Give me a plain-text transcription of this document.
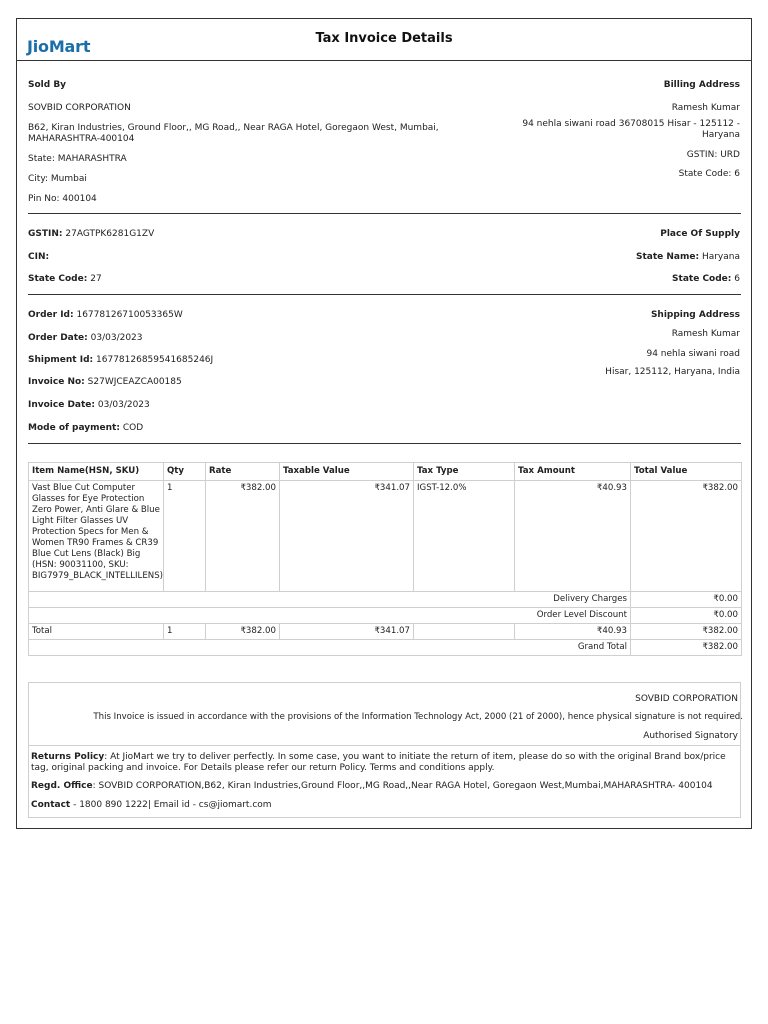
JioMart	Tax Invoice Details
Sold By
SOVBID CORPORATION
B62, Kiran Industries, Ground Floor,, MG Road,, Near RAGA Hotel, Goregaon West, Mumbai, MAHARASHTRA-400104
State: MAHARASHTRA
City: Mumbai
Pin No: 400104
Billing Address
Ramesh Kumar
94 nehla siwani road 36708015 Hisar - 125112 - Haryana
GSTIN: URD
State Code: 6
GSTIN: 27AGTPK6281G1ZV
CIN:
State Code: 27
Place Of Supply
State Name: Haryana
State Code: 6
Order Id: 16778126710053365W
Order Date: 03/03/2023
Shipment Id: 16778126859541685246J
Invoice No: S27WJCEAZCA00185
Invoice Date: 03/03/2023
Mode of payment: COD
Shipping Address
Ramesh Kumar
94 nehla siwani road
Hisar, 125112, Haryana, India
Item Name(HSN, SKU)	Qty	Rate	Taxable Value	Tax Type	Tax Amount	Total Value
Vast Blue Cut Computer Glasses for Eye Protection Zero Power, Anti Glare & Blue Light Filter Glasses UV Protection Specs for Men & Women TR90 Frames & CR39 Blue Cut Lens (Black) Big (HSN: 90031100, SKU: BIG7979_BLACK_INTELLILENS)	1	₹382.00	₹341.07	IGST-12.0%	₹40.93	₹382.00
Delivery Charges						₹0.00
Order Level Discount						₹0.00
Total	1	₹382.00	₹341.07		₹40.93	₹382.00
Grand Total						₹382.00
SOVBID CORPORATION
This Invoice is issued in accordance with the provisions of the Information Technology Act, 2000 (21 of 2000), hence physical signature is not required.
Authorised Signatory
Returns Policy: At JioMart we try to deliver perfectly. In some case, you want to initiate the return of item, please do so with the original Brand box/price tag, original packing and invoice. For Details please refer our return Policy. Terms and conditions apply.
Regd. Office: SOVBID CORPORATION,B62, Kiran Industries,Ground Floor,,MG Road,,Near RAGA Hotel, Goregaon West,Mumbai,MAHARASHTRA- 400104
Contact - 1800 890 1222| Email id - cs@jiomart.com
